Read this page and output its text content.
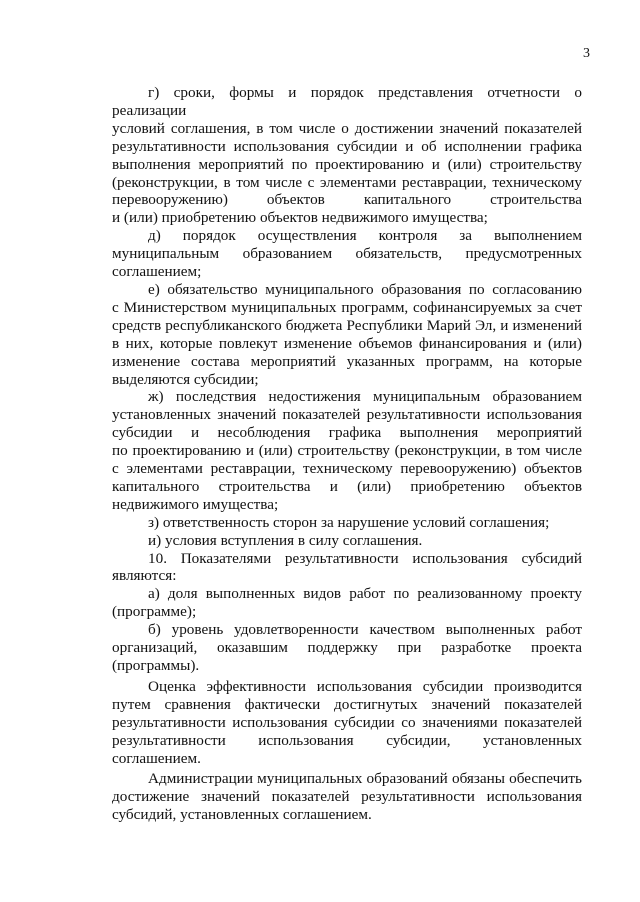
3
г) сроки, формы и порядок представления отчетности о реализации
условий соглашения, в том числе о достижении значений показателей
результативности использования субсидии и об исполнении графика
выполнения мероприятий по проектированию и (или) строительству
(реконструкции, в том числе с элементами реставрации, техническому
перевооружению) объектов капитального строительства
и (или) приобретению объектов недвижимого имущества;
д) порядок осуществления контроля за выполнением
муниципальным образованием обязательств, предусмотренных
соглашением;
е) обязательство муниципального образования по согласованию
с Министерством муниципальных программ, софинансируемых за счет
средств республиканского бюджета Республики Марий Эл, и изменений
в них, которые повлекут изменение объемов финансирования и (или)
изменение состава мероприятий указанных программ, на которые
выделяются субсидии;
ж) последствия недостижения муниципальным образованием
установленных значений показателей результативности использования
субсидии и несоблюдения графика выполнения мероприятий
по проектированию и (или) строительству (реконструкции, в том числе
с элементами реставрации, техническому перевооружению) объектов
капитального строительства и (или) приобретению объектов
недвижимого имущества;
з) ответственность сторон за нарушение условий соглашения;
и) условия вступления в силу соглашения.
10. Показателями результативности использования субсидий
являются:
а) доля выполненных видов работ по реализованному проекту
(программе);
б) уровень удовлетворенности качеством выполненных работ
организаций, оказавшим поддержку при разработке проекта
(программы).
Оценка эффективности использования субсидии производится
путем сравнения фактически достигнутых значений показателей
результативности использования субсидии со значениями показателей
результативности использования субсидии, установленных
соглашением.
Администрации муниципальных образований обязаны обеспечить
достижение значений показателей результативности использования
субсидий, установленных соглашением.
